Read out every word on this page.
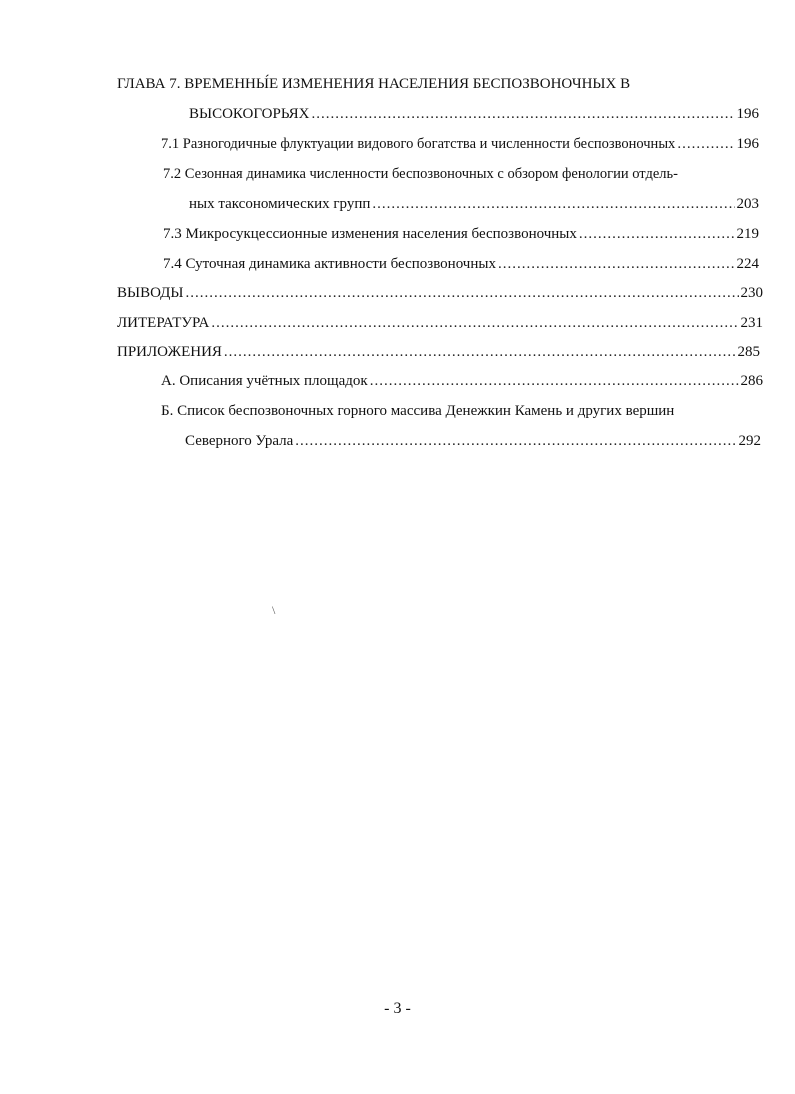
ГЛАВА 7. ВРЕМЕННЫ́Е ИЗМЕНЕНИЯ НАСЕЛЕНИЯ БЕСПОЗВОНОЧНЫХ В
ВЫСОКОГОРЬЯХ .....	196
7.1 Разногодичные флуктуации видового богатства и численности беспозвоночных .....	196
7.2 Сезонная динамика численности беспозвоночных с обзором фенологии отдель-
ных таксономических групп .....	203
7.3 Микросукцессионные изменения населения беспозвоночных .....	219
7.4 Суточная динамика активности беспозвоночных .....	224
ВЫВОДЫ .....	230
ЛИТЕРАТУРА .....	231
ПРИЛОЖЕНИЯ .....	285
А. Описания учётных площадок .....	286
Б. Список беспозвоночных горного массива Денежкин Камень и других вершин
Северного Урала .....	292
\
- 3 -
